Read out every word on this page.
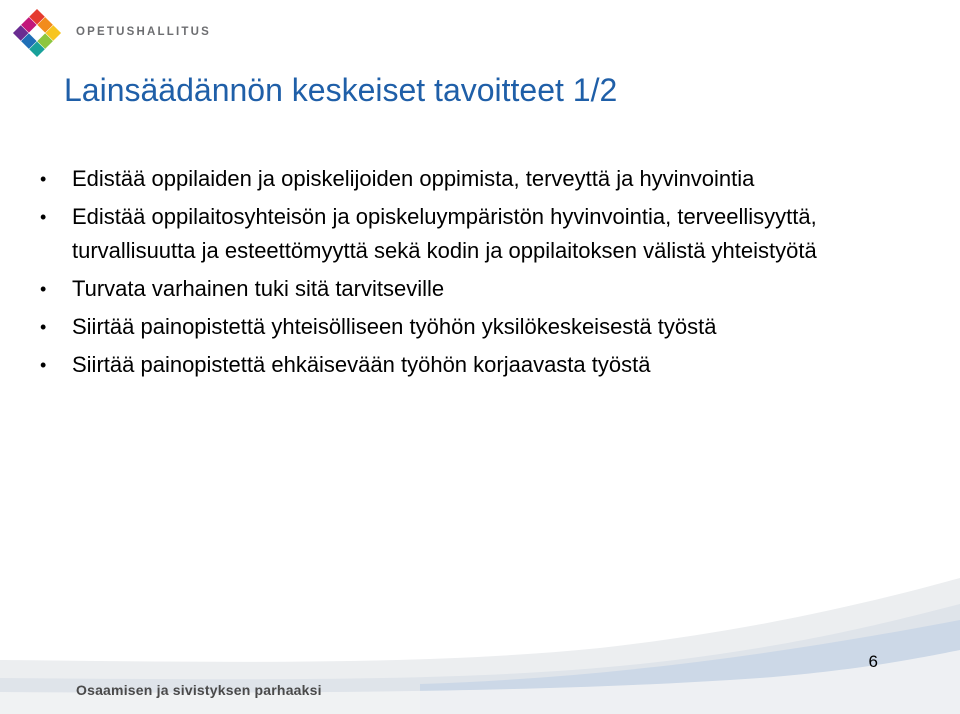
OPETUSHALLITUS
Lainsäädännön keskeiset tavoitteet 1/2
• Edistää oppilaiden ja opiskelijoiden oppimista, terveyttä ja hyvinvointia
• Edistää oppilaitosyhteisön ja opiskeluympäristön hyvinvointia, terveellisyyttä, turvallisuutta ja esteettömyyttä sekä kodin ja oppilaitoksen välistä yhteistyötä
• Turvata varhainen tuki sitä tarvitseville
• Siirtää painopistettä yhteisölliseen työhön yksilökeskeisestä työstä
• Siirtää painopistettä ehkäisevään työhön korjaavasta työstä
6
Osaamisen ja sivistyksen parhaaksi
